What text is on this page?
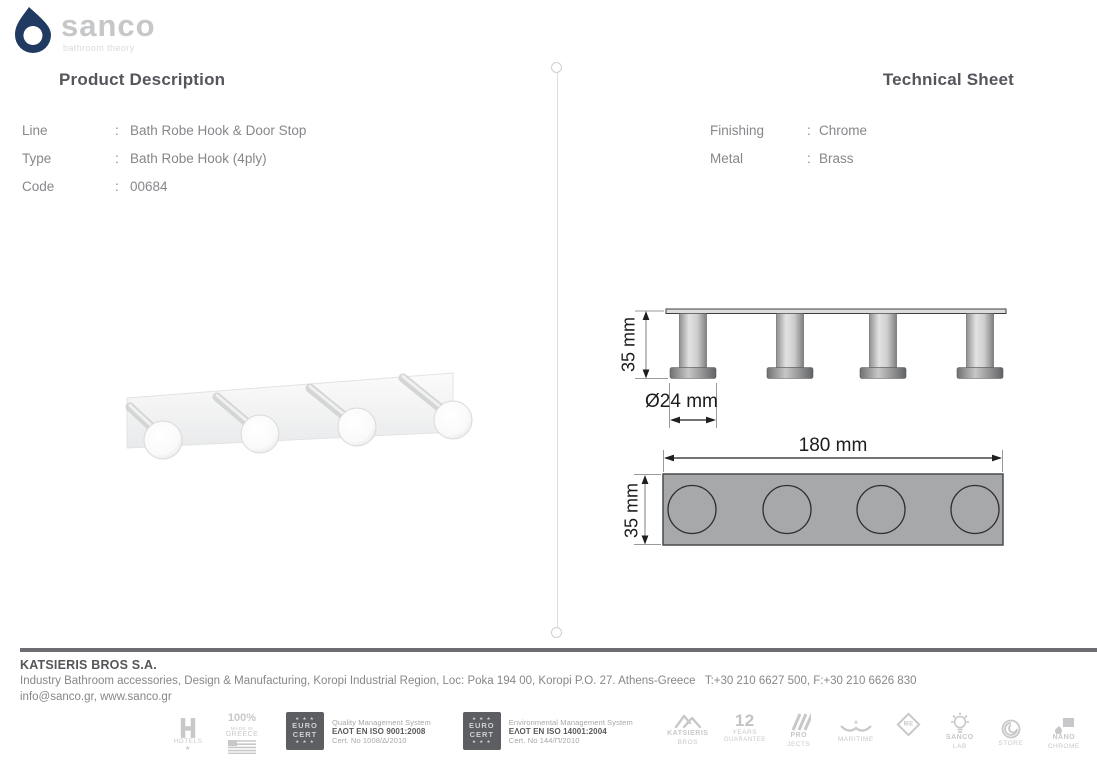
sanco
bathroom theory
Product Description
Line	: Bath Robe Hook & Door Stop
Type	: Bath Robe Hook (4ply)
Code	: 00684
Technical Sheet
Finishing	: Chrome
Metal	: Brass
35 mm
Ø24 mm
180 mm
35 mm
KATSIERIS BROS S.A.
Industry Bathroom accessories, Design & Manufacturing, Koropi Industrial Region, Loc: Poka 194 00, Koropi P.O. 27. Athens-Greece   T:+30 210 6627 500, F:+30 210 6626 830
info@sanco.gr, www.sanco.gr
HOTELS
★
100%
MADE IN
GREECE
★ ★ ★
EURO
CERT
★ ★ ★
Quality Management System
ΕΛΟΤ EN ISO 9001:2008
Cert. No 1008/Δ/2010
★ ★ ★
EURO
CERT
★ ★ ★
Environmental Management System
ΕΛΟΤ EN ISO 14001:2004
Cert. No 144/Π/2010
KATSIERIS
BROS
12
YEARS
GUARANTEE
PRO
JECTS
MARITIME
ME
SANCO
LAB	STORE
NANO
CHROME
